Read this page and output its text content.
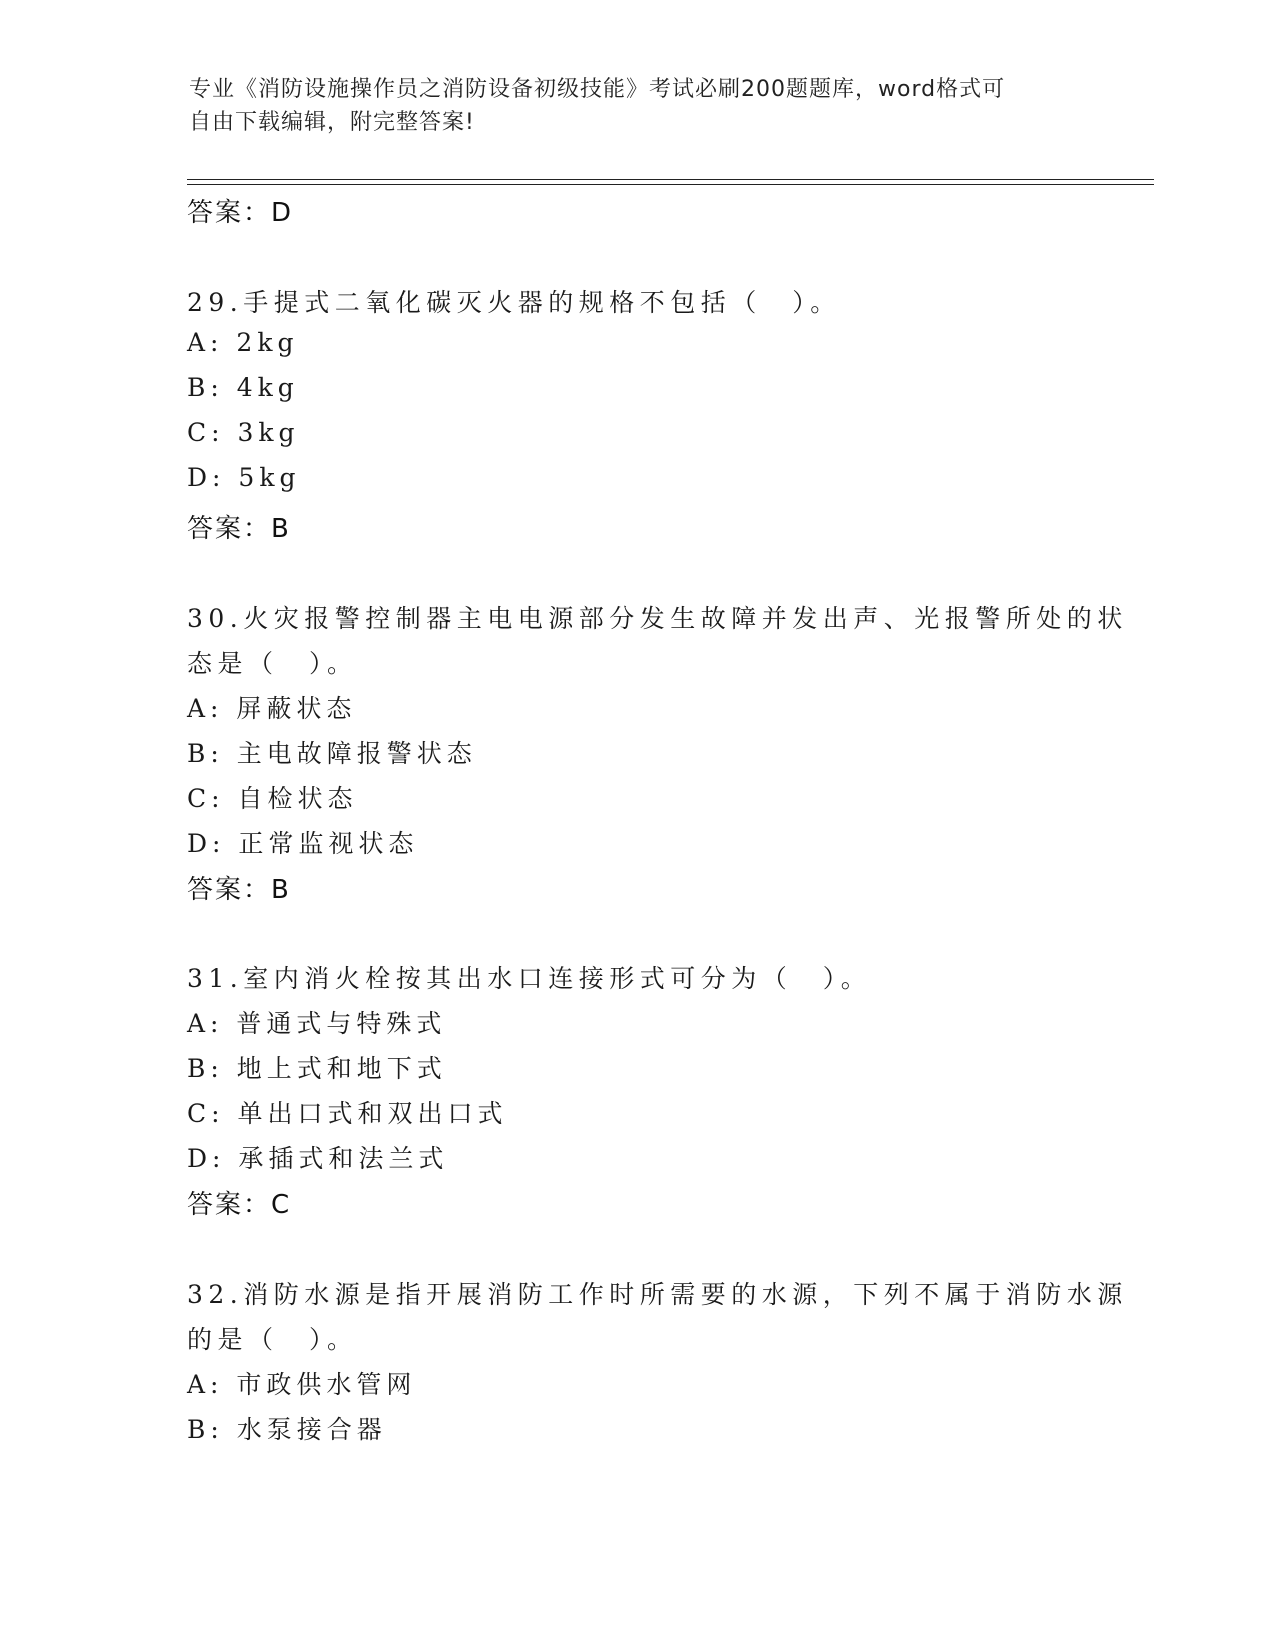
专业《消防设施操作员之消防设备初级技能》考试必刷200题题库，word格式可
自由下载编辑，附完整答案!
答案：D
29.手提式二氧化碳灭火器的规格不包括（　）。
A: 2kg
B: 4kg
C: 3kg
D: 5kg
答案：B
30.火灾报警控制器主电电源部分发生故障并发出声、光报警所处的状
态是（　）。
A: 屏蔽状态
B: 主电故障报警状态
C: 自检状态
D: 正常监视状态
答案：B
31.室内消火栓按其出水口连接形式可分为（　）。
A: 普通式与特殊式
B: 地上式和地下式
C: 单出口式和双出口式
D: 承插式和法兰式
答案：C
32.消防水源是指开展消防工作时所需要的水源，下列不属于消防水源
的是（　）。
A: 市政供水管网
B: 水泵接合器
